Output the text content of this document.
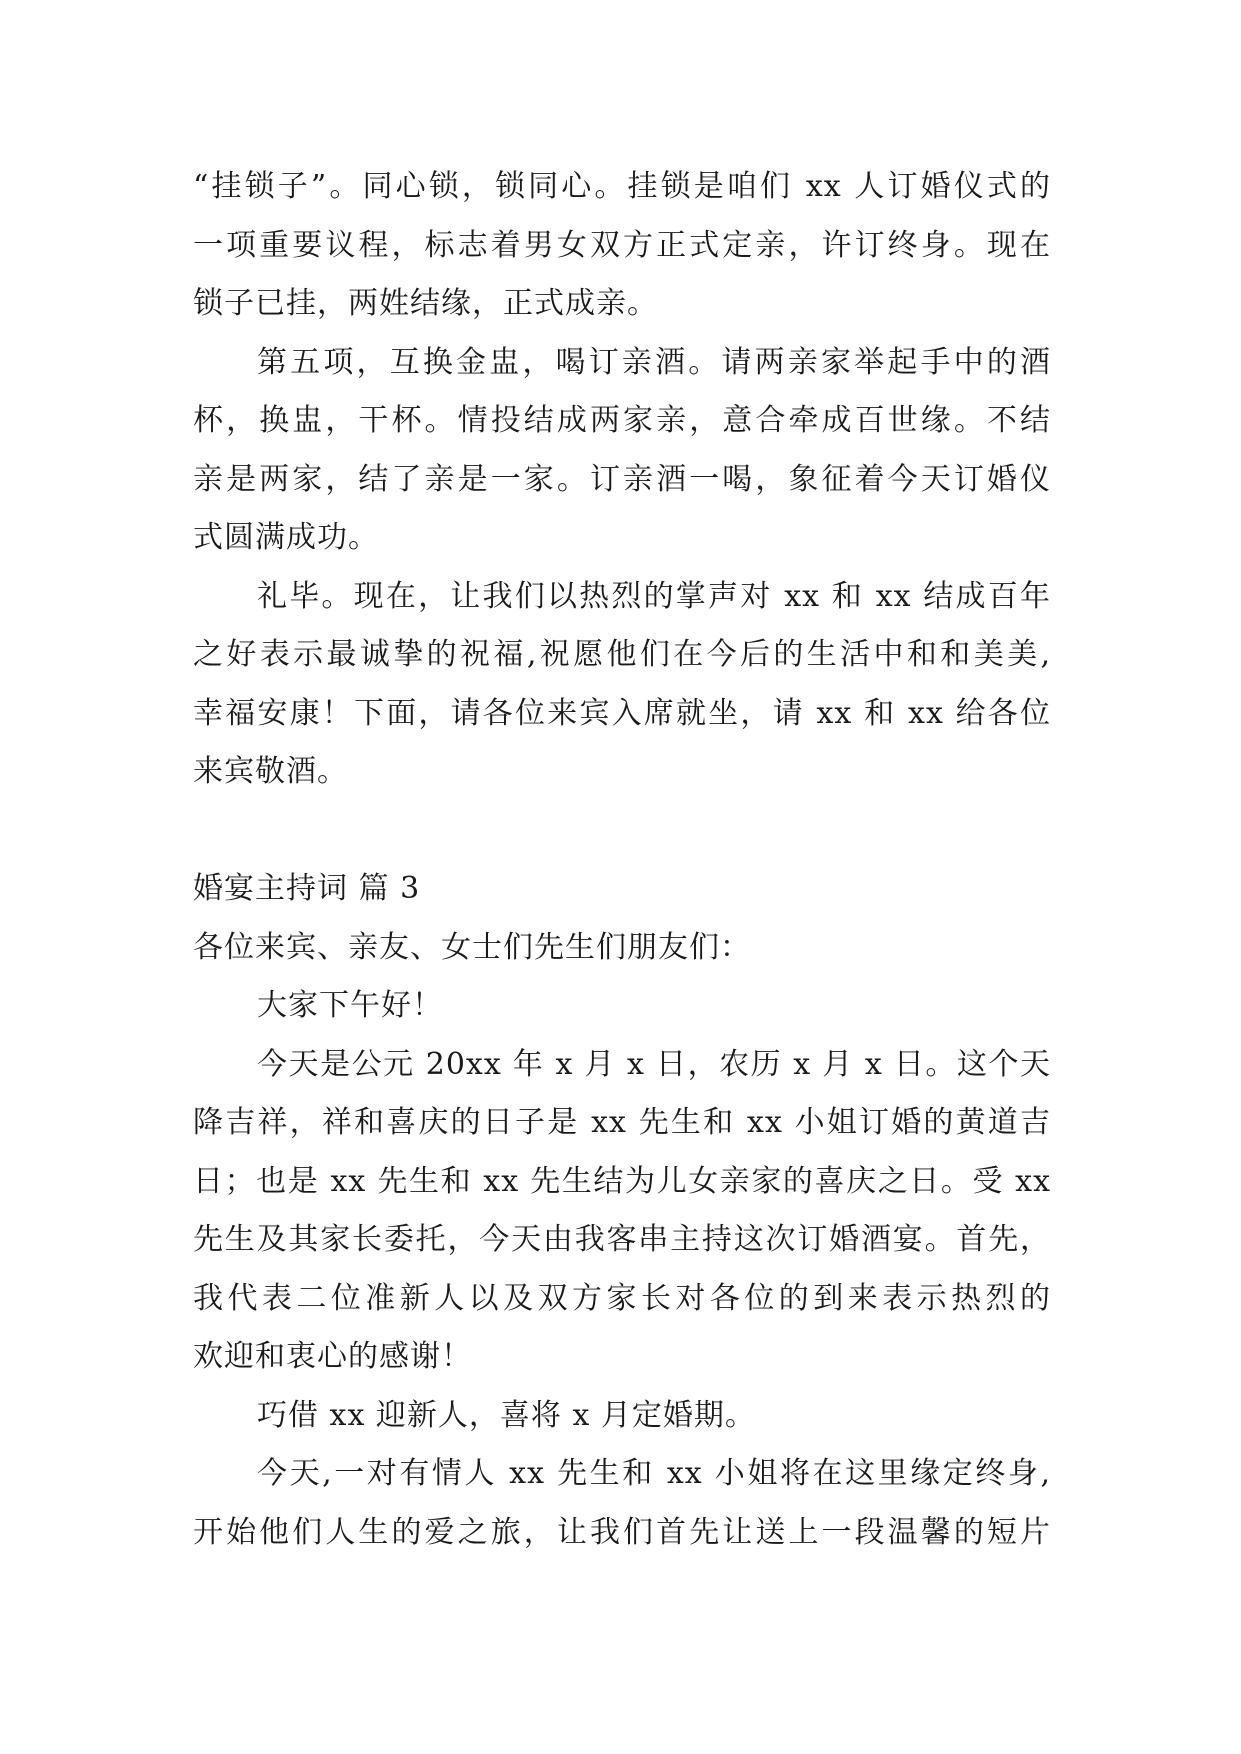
“挂锁子”。同心锁，锁同心。挂锁是咱们 xx 人订婚仪式的
一项重要议程，标志着男女双方正式定亲，许订终身。现在
锁子已挂，两姓结缘，正式成亲。
第五项，互换金盅，喝订亲酒。请两亲家举起手中的酒
杯，换盅，干杯。情投结成两家亲，意合牵成百世缘。不结
亲是两家，结了亲是一家。订亲酒一喝，象征着今天订婚仪
式圆满成功。
礼毕。现在，让我们以热烈的掌声对 xx 和 xx 结成百年
之好表示最诚挚的祝福,祝愿他们在今后的生活中和和美美,
幸福安康！下面，请各位来宾入席就坐，请 xx 和 xx 给各位
来宾敬酒。
婚宴主持词 篇 3
各位来宾、亲友、女士们先生们朋友们：
大家下午好！
今天是公元 20xx 年 x 月 x 日，农历 x 月 x 日。这个天
降吉祥，祥和喜庆的日子是 xx 先生和 xx 小姐订婚的黄道吉
日；也是 xx 先生和 xx 先生结为儿女亲家的喜庆之日。受 xx
先生及其家长委托，今天由我客串主持这次订婚酒宴。首先，
我代表二位准新人以及双方家长对各位的到来表示热烈的
欢迎和衷心的感谢！
巧借 xx 迎新人，喜将 x 月定婚期。
今天,一对有情人 xx 先生和 xx 小姐将在这里缘定终身,
开始他们人生的爱之旅，让我们首先让送上一段温馨的短片
